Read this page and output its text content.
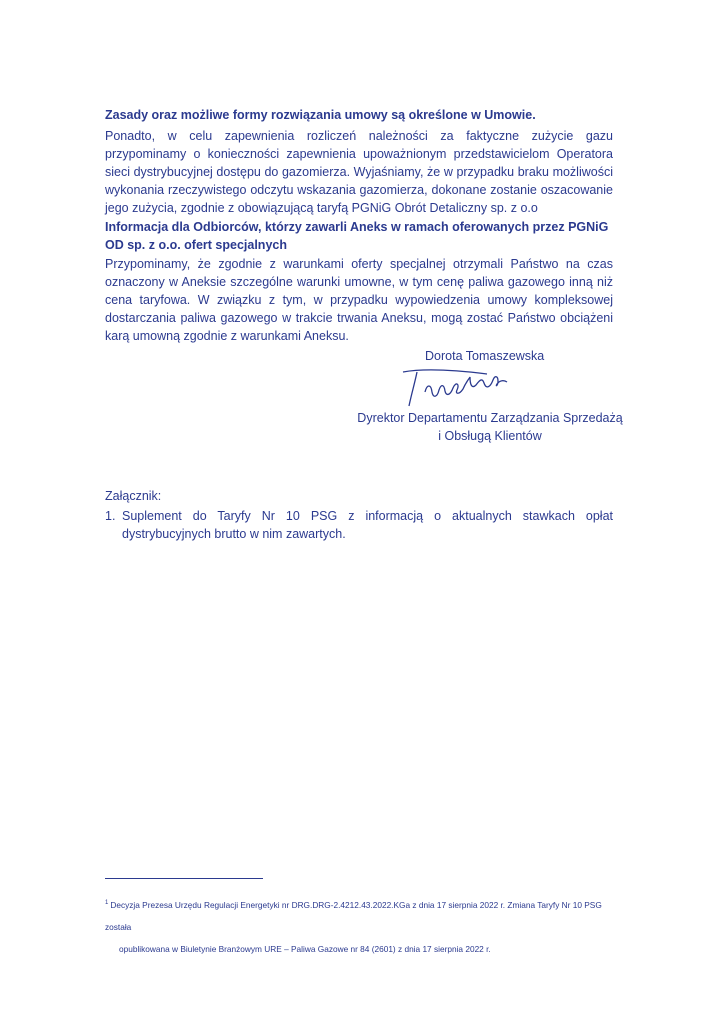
Zasady oraz możliwe formy rozwiązania umowy są określone w Umowie.
Ponadto, w celu zapewnienia rozliczeń należności za faktyczne zużycie gazu przypominamy o konieczności zapewnienia upoważnionym przedstawicielom Operatora sieci dystrybucyjnej dostępu do gazomierza. Wyjaśniamy, że w przypadku braku możliwości wykonania rzeczywistego odczytu wskazania gazomierza, dokonane zostanie oszacowanie jego zużycia, zgodnie z obowiązującą taryfą PGNiG Obrót Detaliczny sp. z o.o
Informacja dla Odbiorców, którzy zawarli Aneks w ramach oferowanych przez PGNiG OD sp. z o.o. ofert specjalnych
Przypominamy, że zgodnie z warunkami oferty specjalnej otrzymali Państwo na czas oznaczony w Aneksie szczególne warunki umowne, w tym cenę paliwa gazowego inną niż cena taryfowa. W związku z tym, w przypadku wypowiedzenia umowy kompleksowej dostarczania paliwa gazowego w trakcie trwania Aneksu, mogą zostać Państwo obciążeni karą umowną zgodnie z warunkami Aneksu.
Dorota Tomaszewska
Dyrektor Departamentu Zarządzania Sprzedażą
i Obsługą Klientów
Załącznik:
1. Suplement do Taryfy Nr 10 PSG z informacją o aktualnych stawkach opłat dystrybucyjnych brutto w nim zawartych.
$^1$ Decyzja Prezesa Urzędu Regulacji Energetyki nr DRG.DRG-2.4212.43.2022.KGa z dnia 17 sierpnia 2022 r. Zmiana Taryfy Nr 10 PSG została
opublikowana w Biuletynie Branżowym URE – Paliwa Gazowe nr 84 (2601) z dnia 17 sierpnia 2022 r.
